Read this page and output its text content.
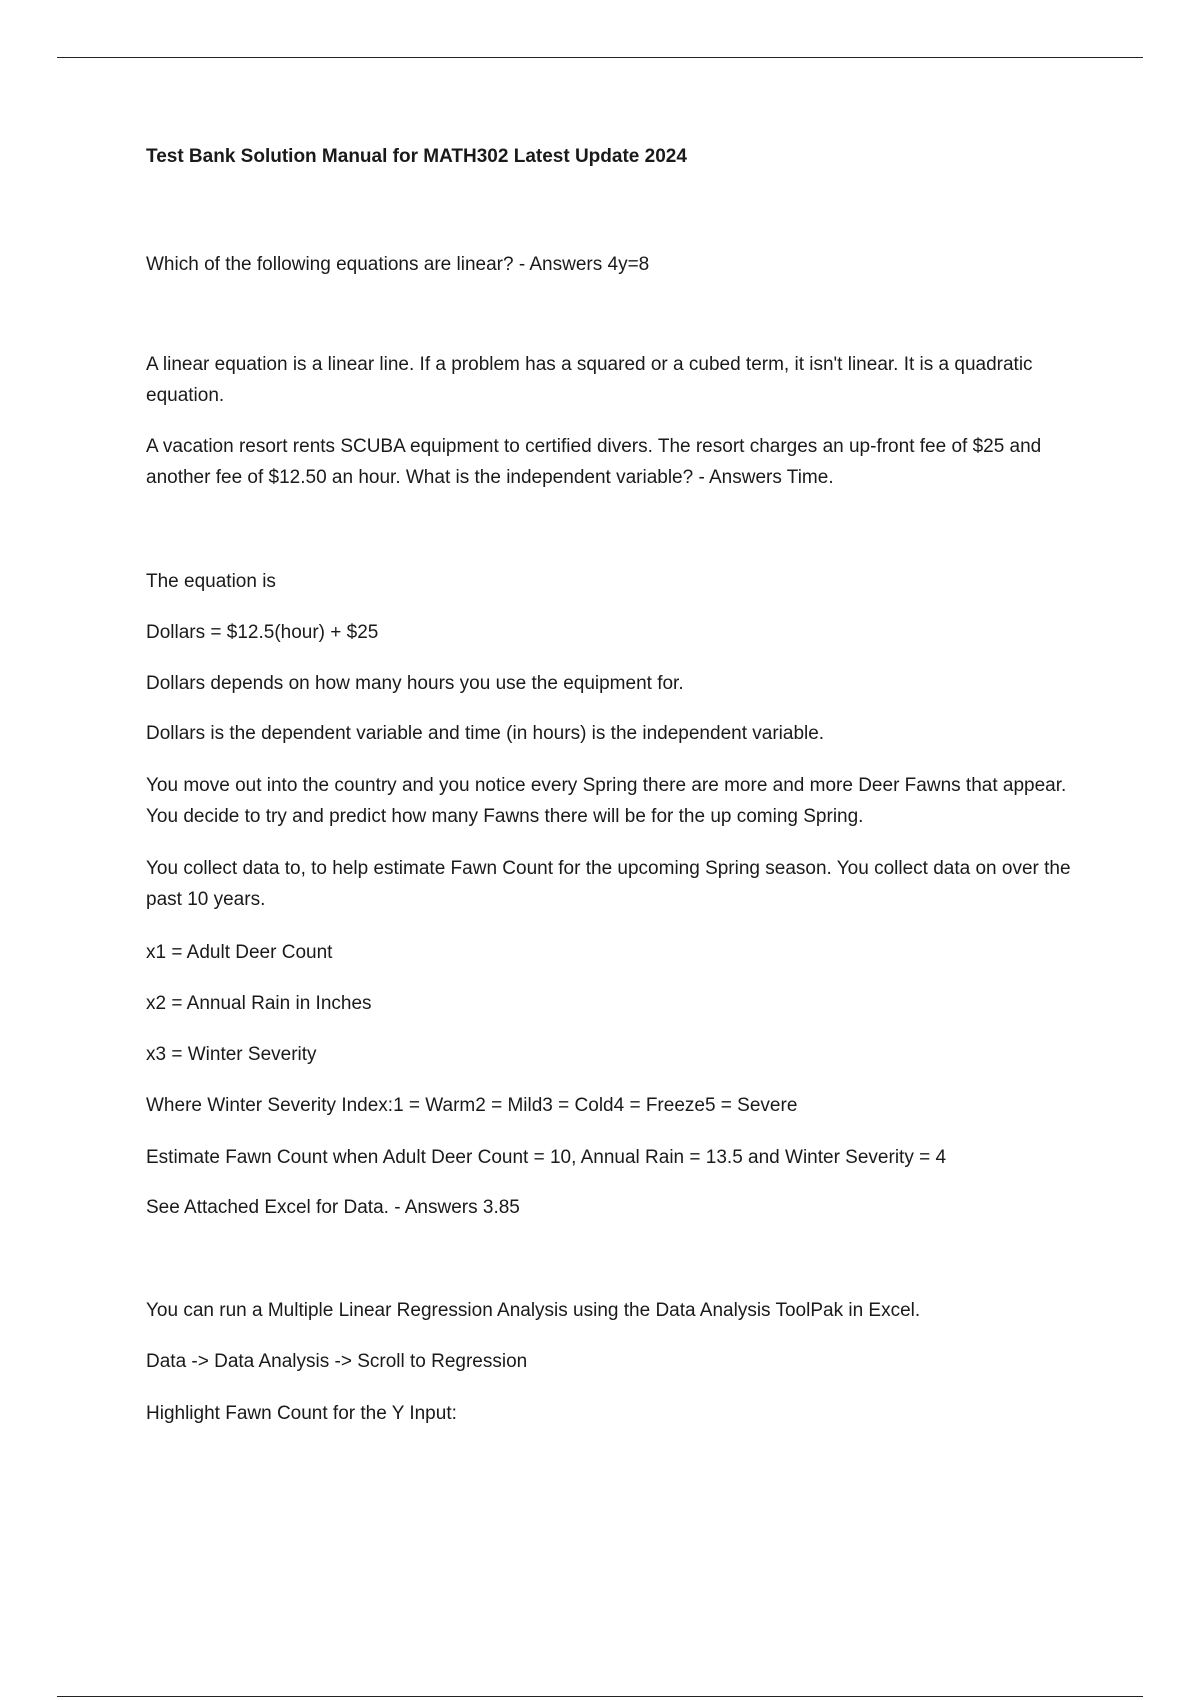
Test Bank Solution Manual for MATH302 Latest Update 2024

Which of the following equations are linear? - Answers 4y=8

A linear equation is a linear line. If a problem has a squared or a cubed term, it isn't linear. It is a quadratic equation.

A vacation resort rents SCUBA equipment to certified divers. The resort charges an up-front fee of $25 and another fee of $12.50 an hour. What is the independent variable? - Answers Time.

The equation is

Dollars = $12.5(hour) + $25

Dollars depends on how many hours you use the equipment for.

Dollars is the dependent variable and time (in hours) is the independent variable.

You move out into the country and you notice every Spring there are more and more Deer Fawns that appear. You decide to try and predict how many Fawns there will be for the up coming Spring.

You collect data to, to help estimate Fawn Count for the upcoming Spring season. You collect data on over the past 10 years.

x1 = Adult Deer Count

x2 = Annual Rain in Inches

x3 = Winter Severity

Where Winter Severity Index:1 = Warm2 = Mild3 = Cold4 = Freeze5 = Severe

Estimate Fawn Count when Adult Deer Count = 10, Annual Rain = 13.5 and Winter Severity = 4

See Attached Excel for Data. - Answers 3.85

You can run a Multiple Linear Regression Analysis using the Data Analysis ToolPak in Excel.

Data -> Data Analysis -> Scroll to Regression

Highlight Fawn Count for the Y Input:
